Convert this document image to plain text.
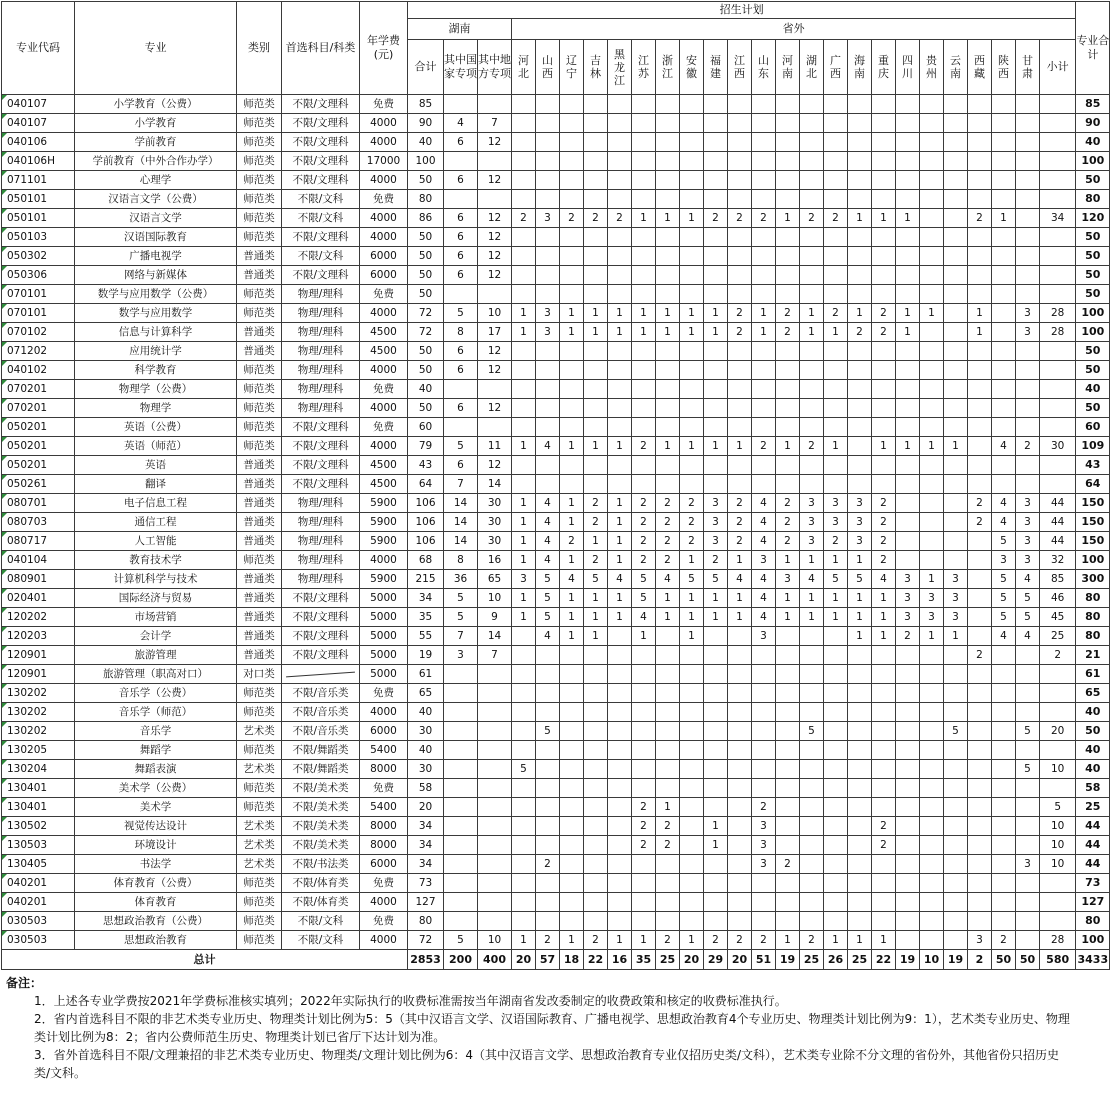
专业代码	专业	类别	首选科目/科类	年学费(元)	招生计划																										专业合计
					湖南			省外																							
					合计	其中国家专项	其中地方专项	河北	山西	辽宁	吉林	黑龙江	江苏	浙江	安徽	福建	江西	山东	河南	湖北	广西	海南	重庆	四川	贵州	云南	西藏	陕西	甘肃	小计	
040107	小学教育（公费）	师范类	不限/文理科	免费	85																										85
040107	小学教育	师范类	不限/文理科	4000	90	4	7																								90
040106	学前教育	师范类	不限/文理科	4000	40	6	12																								40
040106H	学前教育（中外合作办学）	师范类	不限/文理科	17000	100																										100
071101	心理学	师范类	不限/文理科	4000	50	6	12																								50
050101	汉语言文学（公费）	师范类	不限/文科	免费	80																										80
050101	汉语言文学	师范类	不限/文科	4000	86	6	12	2	3	2	2	2	1	1	1	2	2	2	1	2	2	1	1	1			2	1		34	120
050103	汉语国际教育	师范类	不限/文理科	4000	50	6	12																								50
050302	广播电视学	普通类	不限/文科	6000	50	6	12																								50
050306	网络与新媒体	普通类	不限/文理科	6000	50	6	12																								50
070101	数学与应用数学（公费）	师范类	物理/理科	免费	50																										50
070101	数学与应用数学	师范类	物理/理科	4000	72	5	10	1	3	1	1	1	1	1	1	1	2	1	2	1	2	1	2	1	1		1		3	28	100
070102	信息与计算科学	普通类	物理/理科	4500	72	8	17	1	3	1	1	1	1	1	1	1	2	1	2	1	1	2	2	1			1		3	28	100
071202	应用统计学	普通类	物理/理科	4500	50	6	12																								50
040102	科学教育	师范类	物理/理科	4000	50	6	12																								50
070201	物理学（公费）	师范类	物理/理科	免费	40																										40
070201	物理学	师范类	物理/理科	4000	50	6	12																								50
050201	英语（公费）	师范类	不限/文理科	免费	60																										60
050201	英语（师范）	师范类	不限/文理科	4000	79	5	11	1	4	1	1	1	2	1	1	1	1	2	1	2	1		1	1	1	1		4	2	30	109
050201	英语	普通类	不限/文理科	4500	43	6	12																								43
050261	翻译	普通类	不限/文理科	4500	64	7	14																								64
080701	电子信息工程	普通类	物理/理科	5900	106	14	30	1	4	1	2	1	2	2	2	3	2	4	2	3	3	3	2				2	4	3	44	150
080703	通信工程	普通类	物理/理科	5900	106	14	30	1	4	1	2	1	2	2	2	3	2	4	2	3	3	3	2				2	4	3	44	150
080717	人工智能	普通类	物理/理科	5900	106	14	30	1	4	2	1	1	2	2	2	3	2	4	2	3	2	3	2					5	3	44	150
040104	教育技术学	师范类	物理/理科	4000	68	8	16	1	4	1	2	1	2	2	1	2	1	3	1	1	1	1	2					3	3	32	100
080901	计算机科学与技术	普通类	物理/理科	5900	215	36	65	3	5	4	5	4	5	4	5	5	4	4	3	4	5	5	4	3	1	3		5	4	85	300
020401	国际经济与贸易	普通类	不限/文理科	5000	34	5	10	1	5	1	1	1	5	1	1	1	1	4	1	1	1	1	1	3	3	3		5	5	46	80
120202	市场营销	普通类	不限/文理科	5000	35	5	9	1	5	1	1	1	4	1	1	1	1	4	1	1	1	1	1	3	3	3		5	5	45	80
120203	会计学	普通类	不限/文理科	5000	55	7	14		4	1	1		1		1			3				1	1	2	1	1		4	4	25	80
120901	旅游管理	普通类	不限/文理科	5000	19	3	7																				2			2	21
120901	旅游管理（职高对口）	对口类		5000	61																										61
130202	音乐学（公费）	师范类	不限/音乐类	免费	65																										65
130202	音乐学（师范）	师范类	不限/音乐类	4000	40																										40
130202	音乐学	艺术类	不限/音乐类	6000	30				5											5						5			5	20	50
130205	舞蹈学	师范类	不限/舞蹈类	5400	40																										40
130204	舞蹈表演	艺术类	不限/舞蹈类	8000	30			5																					5	10	40
130401	美术学（公费）	师范类	不限/美术类	免费	58																										58
130401	美术学	师范类	不限/美术类	5400	20								2	1				2												5	25
130502	视觉传达设计	艺术类	不限/美术类	8000	34								2	2		1		3					2							10	44
130503	环境设计	艺术类	不限/美术类	8000	34								2	2		1		3					2							10	44
130405	书法学	艺术类	不限/书法类	6000	34				2									3	2										3	10	44
040201	体育教育（公费）	师范类	不限/体育类	免费	73																										73
040201	体育教育	师范类	不限/体育类	4000	127																										127
030503	思想政治教育（公费）	师范类	不限/文科	免费	80																										80
030503	思想政治教育	师范类	不限/文科	4000	72	5	10	1	2	1	2	1	1	2	1	2	2	2	1	2	1	1	1				3	2		28	100
总计					2853	200	400	20	57	18	22	16	35	25	20	29	20	51	19	25	26	25	22	19	10	19	2	50	50	580	3433
备注：
1．上述各专业学费按2021年学费标准核实填列；2022年实际执行的收费标准需按当年湖南省发改委制定的收费政策和核定的收费标准执行。
2．省内首选科目不限的非艺术类专业历史、物理类计划比例为5：5（其中汉语言文学、汉语国际教育、广播电视学、思想政治教育4个专业历史、物理类计划比例为9：1），艺术类专业历史、物理类计划比例为8：2；省内公费师范生历史、物理类计划已省厅下达计划为准。
3．省外首选科目不限/文理兼招的非艺术类专业历史、物理类/文理计划比例为6：4（其中汉语言文学、思想政治教育专业仅招历史类/文科），艺术类专业除不分文理的省份外，其他省份只招历史类/文科。
